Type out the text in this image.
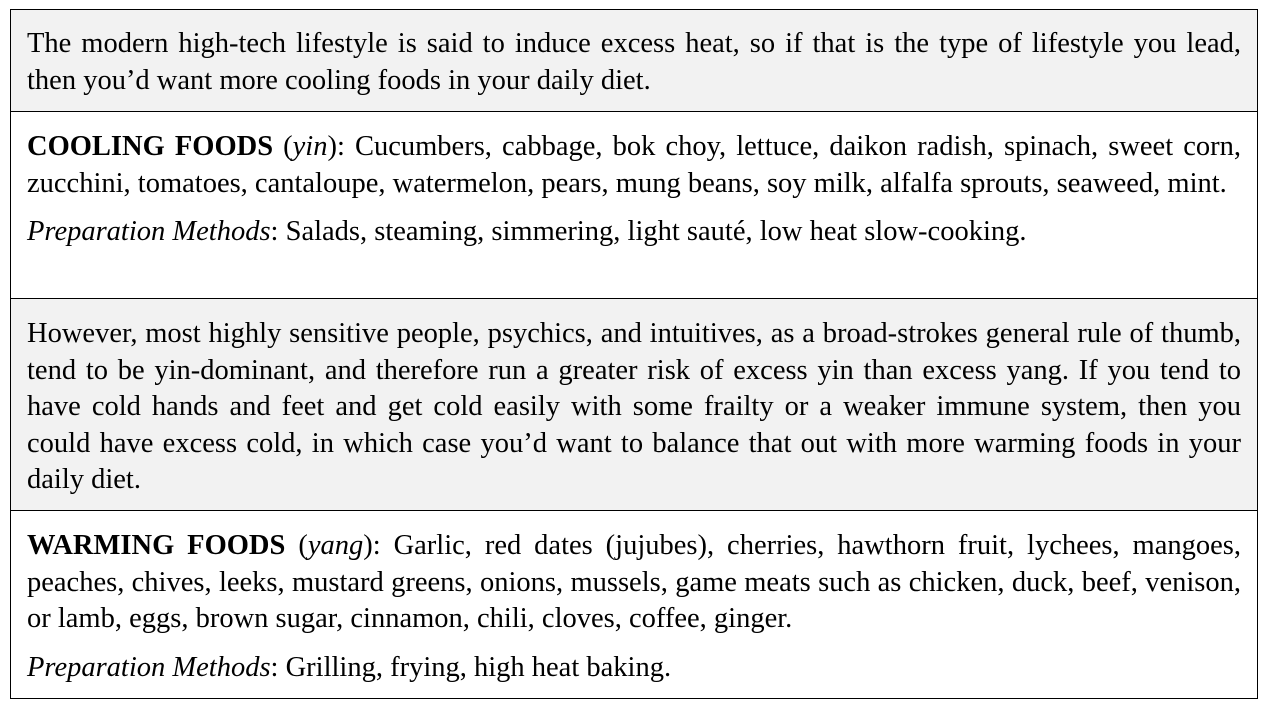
The modern high-tech lifestyle is said to induce excess heat, so if that is the type of lifestyle you lead, then you’d want more cooling foods in your daily diet.

COOLING FOODS (yin): Cucumbers, cabbage, bok choy, lettuce, daikon radish, spinach, sweet corn, zucchini, tomatoes, cantaloupe, watermelon, pears, mung beans, soy milk, alfalfa sprouts, seaweed, mint.

Preparation Methods: Salads, steaming, simmering, light sauté, low heat slow-cooking.

However, most highly sensitive people, psychics, and intuitives, as a broad-strokes general rule of thumb, tend to be yin-dominant, and therefore run a greater risk of excess yin than excess yang. If you tend to have cold hands and feet and get cold easily with some frailty or a weaker immune system, then you could have excess cold, in which case you’d want to balance that out with more warming foods in your daily diet.

WARMING FOODS (yang): Garlic, red dates (jujubes), cherries, hawthorn fruit, lychees, mangoes, peaches, chives, leeks, mustard greens, onions, mussels, game meats such as chicken, duck, beef, venison, or lamb, eggs, brown sugar, cinnamon, chili, cloves, coffee, ginger.

Preparation Methods: Grilling, frying, high heat baking.
